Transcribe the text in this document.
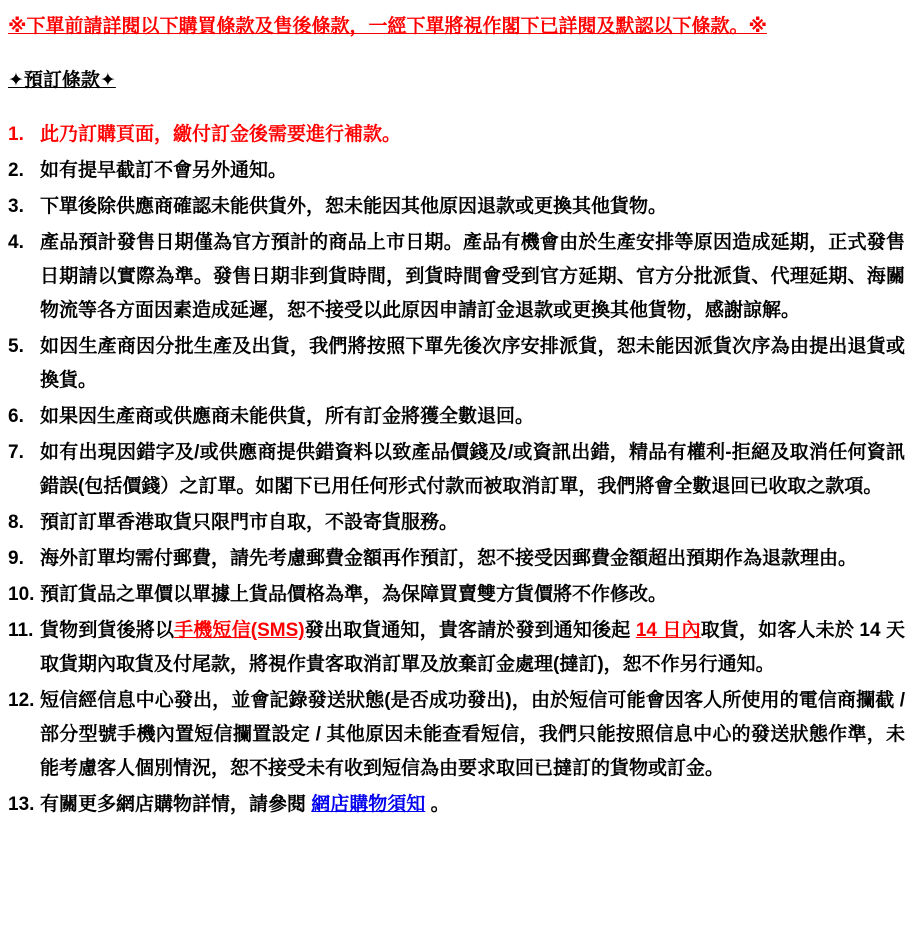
※下單前請詳閱以下購買條款及售後條款，一經下單將視作閣下已詳閱及默認以下條款。※
✦預訂條款✦
1. 此乃訂購頁面，繳付訂金後需要進行補款。
2. 如有提早截訂不會另外通知。
3. 下單後除供應商確認未能供貨外，恕未能因其他原因退款或更換其他貨物。
4. 產品預計發售日期僅為官方預計的商品上市日期。產品有機會由於生產安排等原因造成延期，正式發售日期請以實際為準。發售日期非到貨時間，到貨時間會受到官方延期、官方分批派貨、代理延期、海關物流等各方面因素造成延遲，恕不接受以此原因申請訂金退款或更換其他貨物，感謝諒解。
5. 如因生產商因分批生產及出貨，我們將按照下單先後次序安排派貨，恕未能因派貨次序為由提出退貨或換貨。
6. 如果因生產商或供應商未能供貨，所有訂金將獲全數退回。
7. 如有出現因錯字及/或供應商提供錯資料以致產品價錢及/或資訊出錯，精品有權利-拒絕及取消任何資訊錯誤(包括價錢）之訂單。如閣下已用任何形式付款而被取消訂單，我們將會全數退回已收取之款項。
8. 預訂訂單香港取貨只限門市自取，不設寄貨服務。
9. 海外訂單均需付郵費，請先考慮郵費金額再作預訂，恕不接受因郵費金額超出預期作為退款理由。
10. 預訂貨品之單價以單據上貨品價格為準，為保障買賣雙方貨價將不作修改。
11. 貨物到貨後將以手機短信(SMS)發出取貨通知，貴客請於發到通知後起 14 日內取貨，如客人未於 14 天取貨期內取貨及付尾款，將視作貴客取消訂單及放棄訂金處理(撻訂)，恕不作另行通知。
12. 短信經信息中心發出，並會記錄發送狀態(是否成功發出)，由於短信可能會因客人所使用的電信商攔截 / 部分型號手機內置短信攔置設定 / 其他原因未能查看短信，我們只能按照信息中心的發送狀態作準，未能考慮客人個別情況，恕不接受未有收到短信為由要求取回已撻訂的貨物或訂金。
13. 有關更多網店購物詳情，請參閱 網店購物須知 。
